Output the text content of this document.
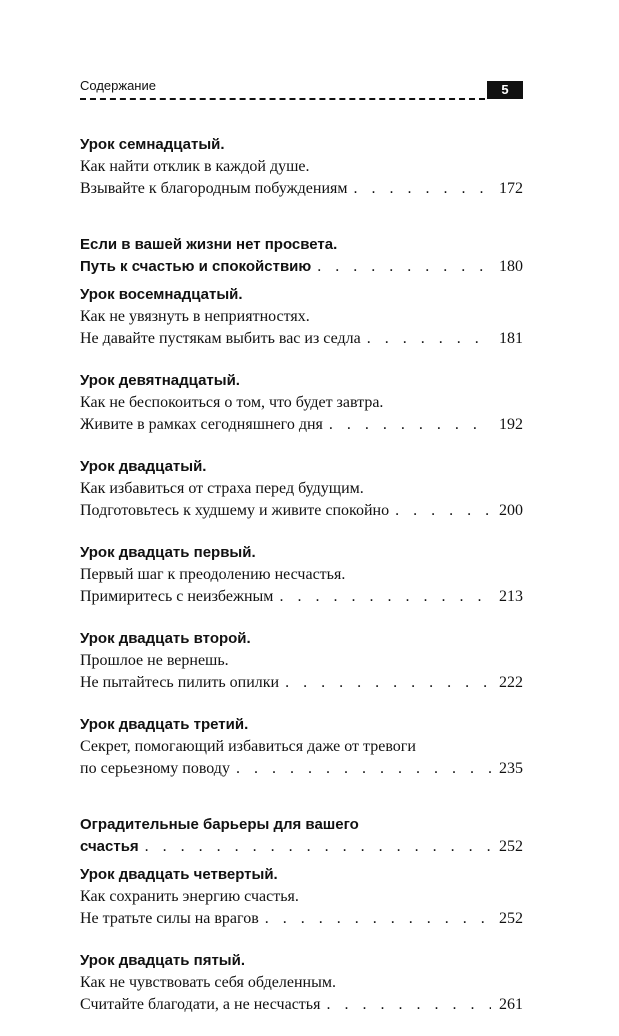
Содержание	5
Урок семнадцатый.
Как найти отклик в каждой душе.
Взывайте к благородным побуждениям . . .	172
Если в вашей жизни нет просвета.
Путь к счастью и спокойствию . . .	180
Урок восемнадцатый.
Как не увязнуть в неприятностях.
Не давайте пустякам выбить вас из седла . . .	181
Урок девятнадцатый.
Как не беспокоиться о том, что будет завтра.
Живите в рамках сегодняшнего дня . . .	192
Урок двадцатый.
Как избавиться от страха перед будущим.
Подготовьтесь к худшему и живите спокойно . . .	200
Урок двадцать первый.
Первый шаг к преодолению несчастья.
Примиритесь с неизбежным . . .	213
Урок двадцать второй.
Прошлое не вернешь.
Не пытайтесь пилить опилки . . .	222
Урок двадцать третий.
Секрет, помогающий избавиться даже от тревоги
по серьезному поводу . . .	235
Оградительные барьеры для вашего
счастья . . .	252
Урок двадцать четвертый.
Как сохранить энергию счастья.
Не тратьте силы на врагов . . .	252
Урок двадцать пятый.
Как не чувствовать себя обделенным.
Считайте благодати, а не несчастья . . .	261
